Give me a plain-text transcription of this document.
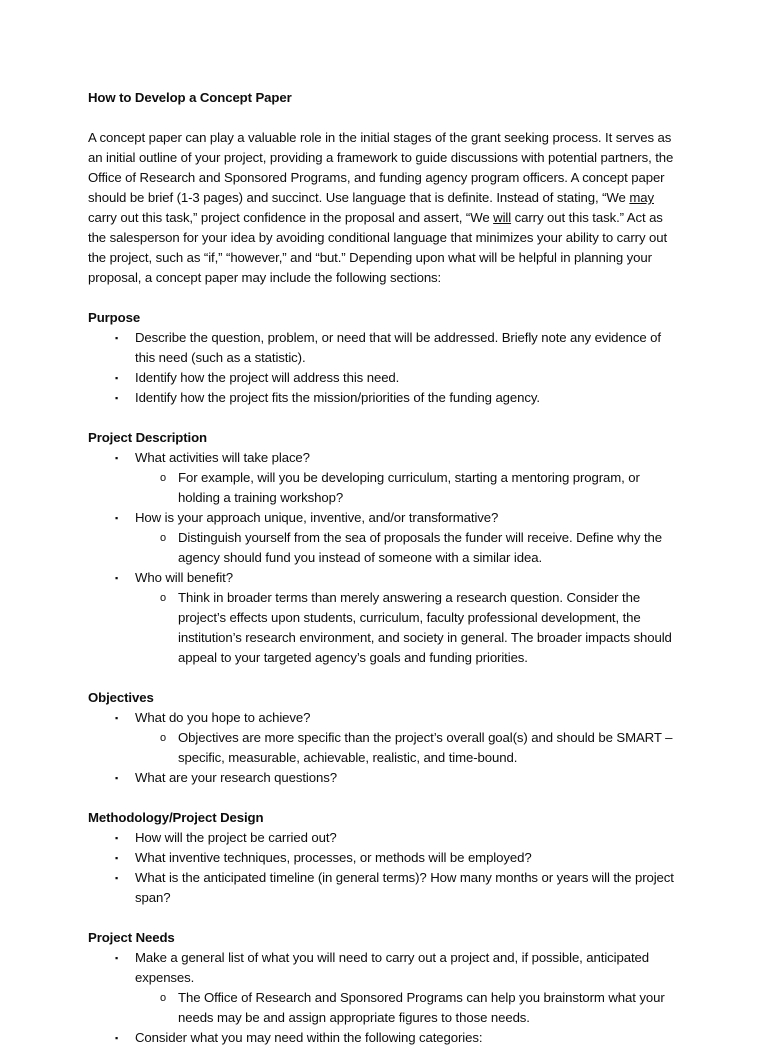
How to Develop a Concept Paper

A concept paper can play a valuable role in the initial stages of the grant seeking process. It serves as an initial outline of your project, providing a framework to guide discussions with potential partners, the Office of Research and Sponsored Programs, and funding agency program officers. A concept paper should be brief (1-3 pages) and succinct. Use language that is definite. Instead of stating, “We may carry out this task,” project confidence in the proposal and assert, “We will carry out this task.” Act as the salesperson for your idea by avoiding conditional language that minimizes your ability to carry out the project, such as “if,” “however,” and “but.” Depending upon what will be helpful in planning your proposal, a concept paper may include the following sections:

Purpose
▪ Describe the question, problem, or need that will be addressed. Briefly note any evidence of this need (such as a statistic).
▪ Identify how the project will address this need.
▪ Identify how the project fits the mission/priorities of the funding agency.
Project Description
▪ What activities will take place?
o For example, will you be developing curriculum, starting a mentoring program, or holding a training workshop?
▪ How is your approach unique, inventive, and/or transformative?
o Distinguish yourself from the sea of proposals the funder will receive. Define why the agency should fund you instead of someone with a similar idea.
▪ Who will benefit?
o Think in broader terms than merely answering a research question. Consider the project’s effects upon students, curriculum, faculty professional development, the institution’s research environment, and society in general. The broader impacts should appeal to your targeted agency’s goals and funding priorities.
Objectives
▪ What do you hope to achieve?
o Objectives are more specific than the project’s overall goal(s) and should be SMART – specific, measurable, achievable, realistic, and time-bound.
▪ What are your research questions?
Methodology/Project Design
▪ How will the project be carried out?
▪ What inventive techniques, processes, or methods will be employed?
▪ What is the anticipated timeline (in general terms)? How many months or years will the project span?
Project Needs
▪ Make a general list of what you will need to carry out a project and, if possible, anticipated expenses.
o The Office of Research and Sponsored Programs can help you brainstorm what your needs may be and assign appropriate figures to those needs.
▪ Consider what you may need within the following categories:
